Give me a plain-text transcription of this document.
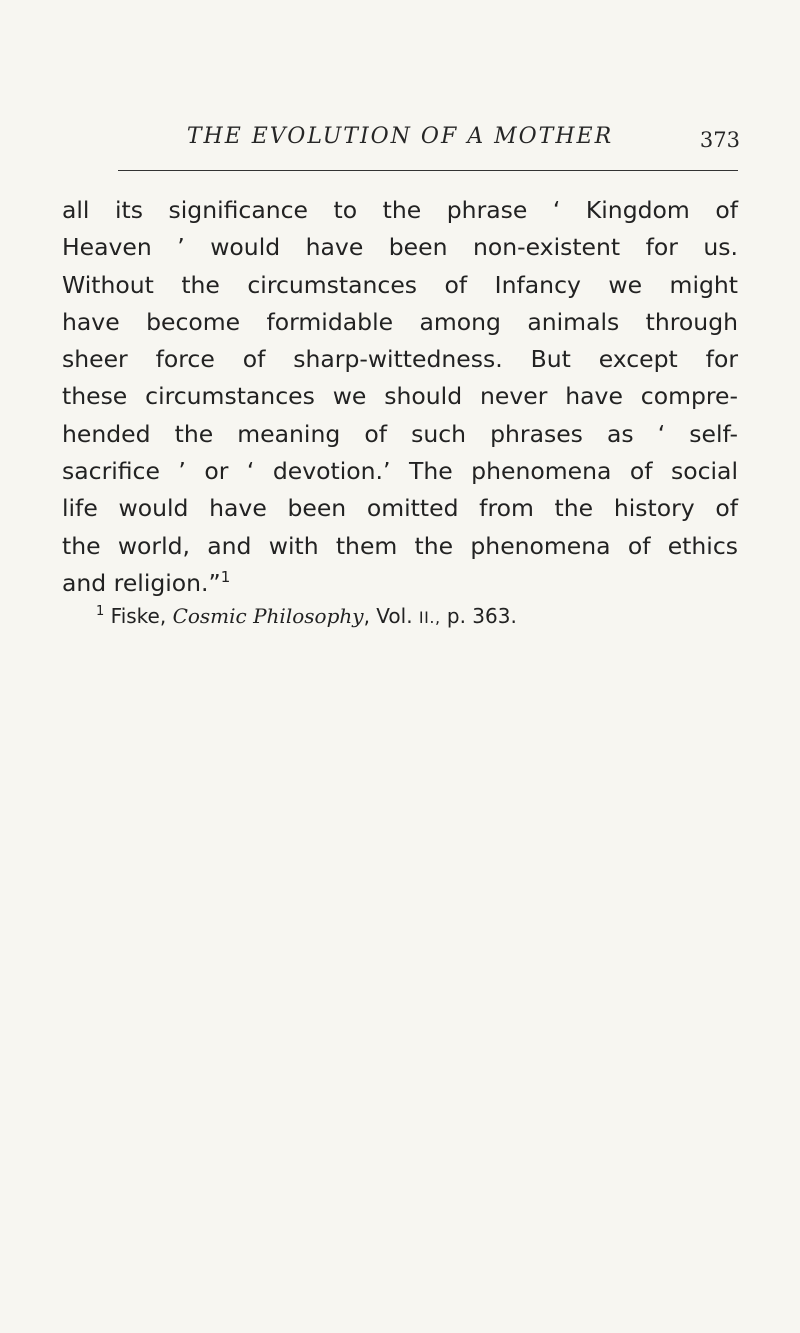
THE EVOLUTION OF A MOTHER	373
all its significance to the phrase ‘ Kingdom of
Heaven ’ would have been non-existent for us.
Without the circumstances of Infancy we might
have become formidable among animals through
sheer force of sharp-wittedness. But except for
these circumstances we should never have compre-
hended the meaning of such phrases as ‘ self-
sacrifice ’ or ‘ devotion.’ The phenomena of social
life would have been omitted from the history of
the world, and with them the phenomena of ethics
and religion.”$^1$
$^1$ Fiske, Cosmic Philosophy, Vol. II., p. 363.
